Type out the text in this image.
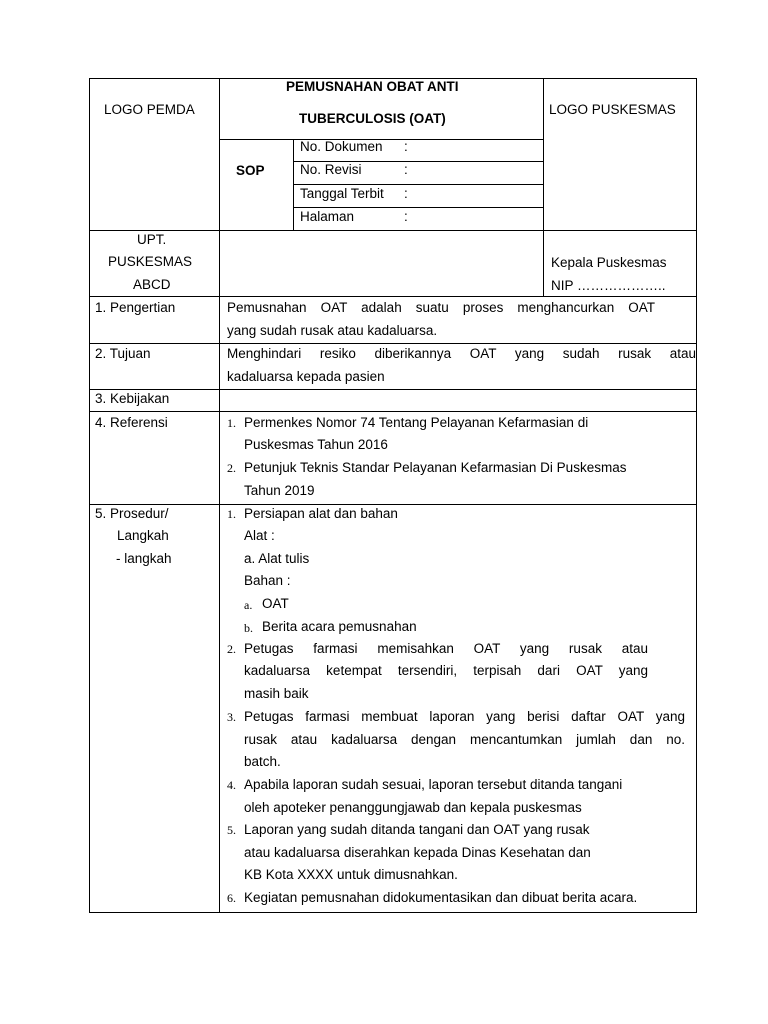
LOGO PEMDA
PEMUSNAHAN OBAT ANTI
TUBERCULOSIS (OAT)
LOGO PUSKESMAS
SOP
No. Dokumen :
No. Revisi	:
Tanggal Terbit :
Halaman	:
UPT.
PUSKESMAS
ABCD
Kepala Puskesmas
NIP ………………..
1. Pengertian	Pemusnahan OAT adalah suatu proses menghancurkan OAT
yang sudah rusak atau kadaluarsa.
2. Tujuan	Menghindari resiko diberikannya OAT yang sudah rusak atau
kadaluarsa kepada pasien
3. Kebijakan
4. Referensi	1. Permenkes Nomor 74 Tentang Pelayanan Kefarmasian di
Puskesmas Tahun 2016
2. Petunjuk Teknis Standar Pelayanan Kefarmasian Di Puskesmas
Tahun 2019
5. Prosedur/
Langkah
- langkah
1. Persiapan alat dan bahan
Alat :
a. Alat tulis
Bahan :
a. OAT
b. Berita acara pemusnahan
2. Petugas farmasi memisahkan OAT yang rusak atau
kadaluarsa ketempat tersendiri, terpisah dari OAT yang
masih baik
3. Petugas farmasi membuat laporan yang berisi daftar OAT yang
rusak atau kadaluarsa dengan mencantumkan jumlah dan no.
batch.
4. Apabila laporan sudah sesuai, laporan tersebut ditanda tangani
oleh apoteker penanggungjawab dan kepala puskesmas
5. Laporan yang sudah ditanda tangani dan OAT yang rusak
atau kadaluarsa diserahkan kepada Dinas Kesehatan dan
KB Kota XXXX untuk dimusnahkan.
6. Kegiatan pemusnahan didokumentasikan dan dibuat berita acara.
